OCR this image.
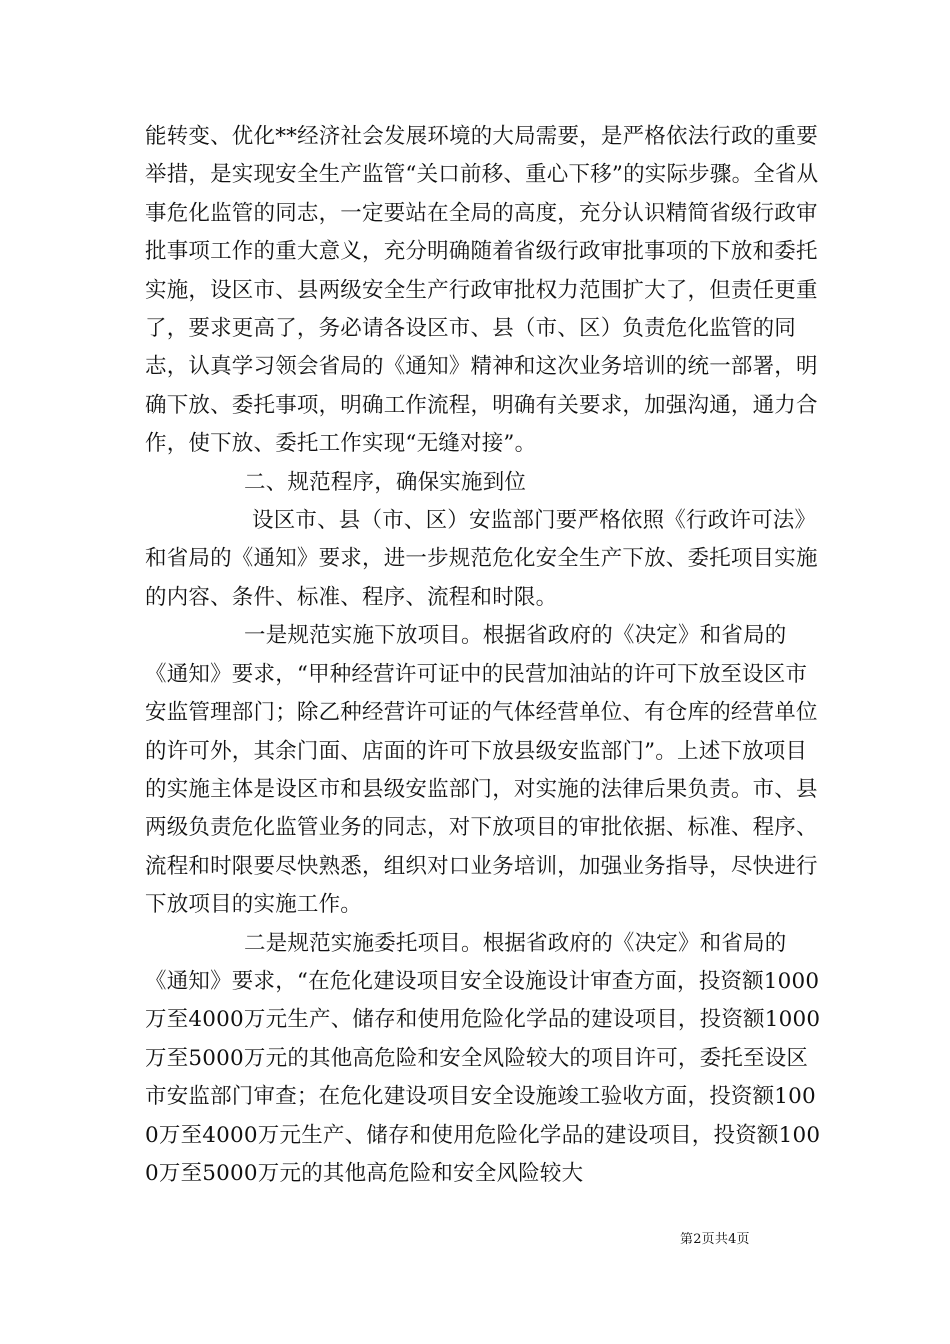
能转变、优化**经济社会发展环境的大局需要，是严格依法行政的重要举措，是实现安全生产监管“关口前移、重心下移”的实际步骤。全省从事危化监管的同志，一定要站在全局的高度，充分认识精简省级行政审批事项工作的重大意义，充分明确随着省级行政审批事项的下放和委托实施，设区市、县两级安全生产行政审批权力范围扩大了，但责任更重了，要求更高了，务必请各设区市、县（市、区）负责危化监管的同志，认真学习领会省局的《通知》精神和这次业务培训的统一部署，明确下放、委托事项，明确工作流程，明确有关要求，加强沟通，通力合作，使下放、委托工作实现“无缝对接”。

二、规范程序，确保实施到位

设区市、县（市、区）安监部门要严格依照《行政许可法》和省局的《通知》要求，进一步规范危化安全生产下放、委托项目实施的内容、条件、标准、程序、流程和时限。

一是规范实施下放项目。根据省政府的《决定》和省局的《通知》要求，“甲种经营许可证中的民营加油站的许可下放至设区市安监管理部门；除乙种经营许可证的气体经营单位、有仓库的经营单位的许可外，其余门面、店面的许可下放县级安监部门”。上述下放项目的实施主体是设区市和县级安监部门，对实施的法律后果负责。市、县两级负责危化监管业务的同志，对下放项目的审批依据、标准、程序、流程和时限要尽快熟悉，组织对口业务培训，加强业务指导，尽快进行下放项目的实施工作。

二是规范实施委托项目。根据省政府的《决定》和省局的《通知》要求，“在危化建设项目安全设施设计审查方面，投资额1000万至4000万元生产、储存和使用危险化学品的建设项目，投资额1000万至5000万元的其他高危险和安全风险较大的项目许可，委托至设区市安监部门审查；在危化建设项目安全设施竣工验收方面，投资额1000万至4000万元生产、储存和使用危险化学品的建设项目，投资额1000万至5000万元的其他高危险和安全风险较大

第2页共4页
